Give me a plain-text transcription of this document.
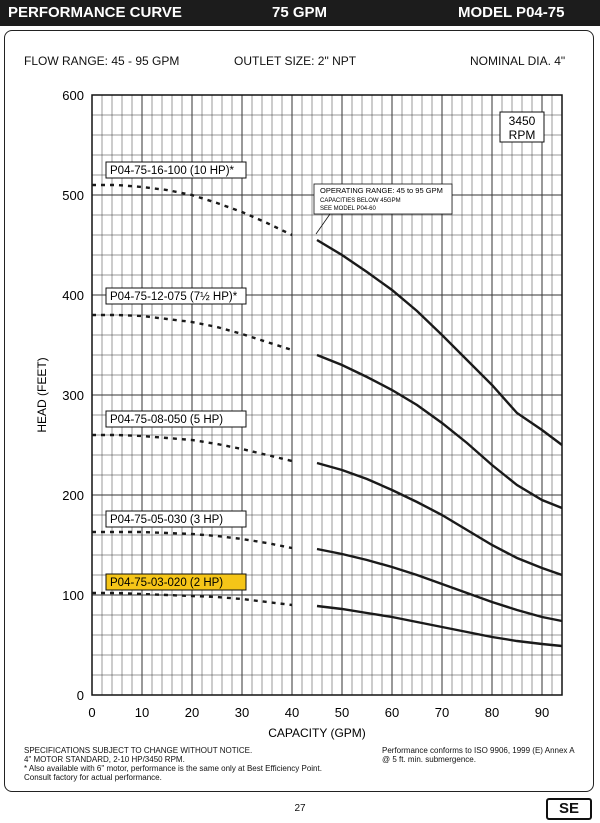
PERFORMANCE CURVE	75 GPM	MODEL P04-75
FLOW RANGE: 45 - 95 GPM	OUTLET SIZE: 2" NPT	NOMINAL DIA. 4"
0	10	20	30	40	50	60	70	80	90
0
100
200
300
400
500
600
CAPACITY (GPM)
HEAD (FEET)
3450
RPM
OPERATING RANGE: 45 to 95 GPM
CAPACITIES BELOW 45GPM
SEE MODEL P04-60
P04-75-16-100 (10 HP)*
P04-75-12-075 (7½ HP)*
P04-75-08-050 (5 HP)
P04-75-05-030 (3 HP)
P04-75-03-020 (2 HP)
SPECIFICATIONS SUBJECT TO CHANGE WITHOUT NOTICE.
4" MOTOR STANDARD, 2-10 HP/3450 RPM.
* Also available with 6" motor, performance is the same only at Best Efficiency Point.
Consult factory for actual performance.
Performance conforms to ISO 9906, 1999 (E) Annex A
@ 5 ft. min. submergence.
27	SE
